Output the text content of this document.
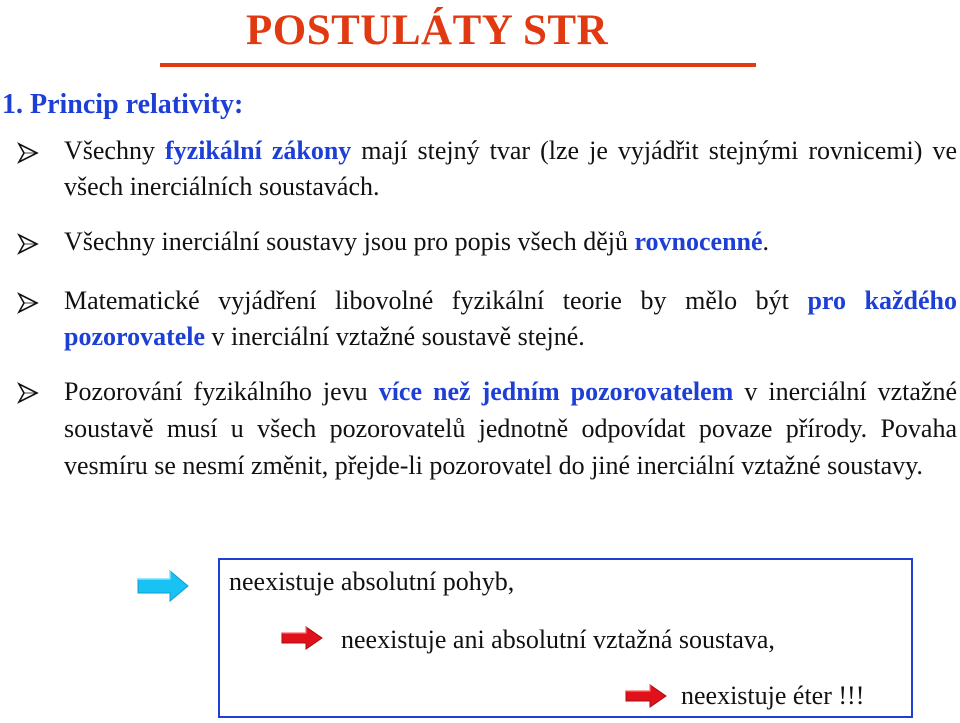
POSTULÁTY STR
1. Princip relativity:

Všechny fyzikální zákony mají stejný tvar (lze je vyjádřit stejnými rovnicemi) ve všech inerciálních soustavách.

Všechny inerciální soustavy jsou pro popis všech dějů rovnocenné.

Matematické vyjádření libovolné fyzikální teorie by mělo být pro každého pozorovatele v inerciální vztažné soustavě stejné.

Pozorování fyzikálního jevu více než jedním pozorovatelem v inerciální vztažné soustavě musí u všech pozorovatelů jednotně odpovídat povaze přírody. Povaha vesmíru se nesmí změnit, přejde-li pozorovatel do jiné inerciální vztažné soustavy.

neexistuje absolutní pohyb,

neexistuje ani absolutní vztažná soustava,

neexistuje éter !!!
